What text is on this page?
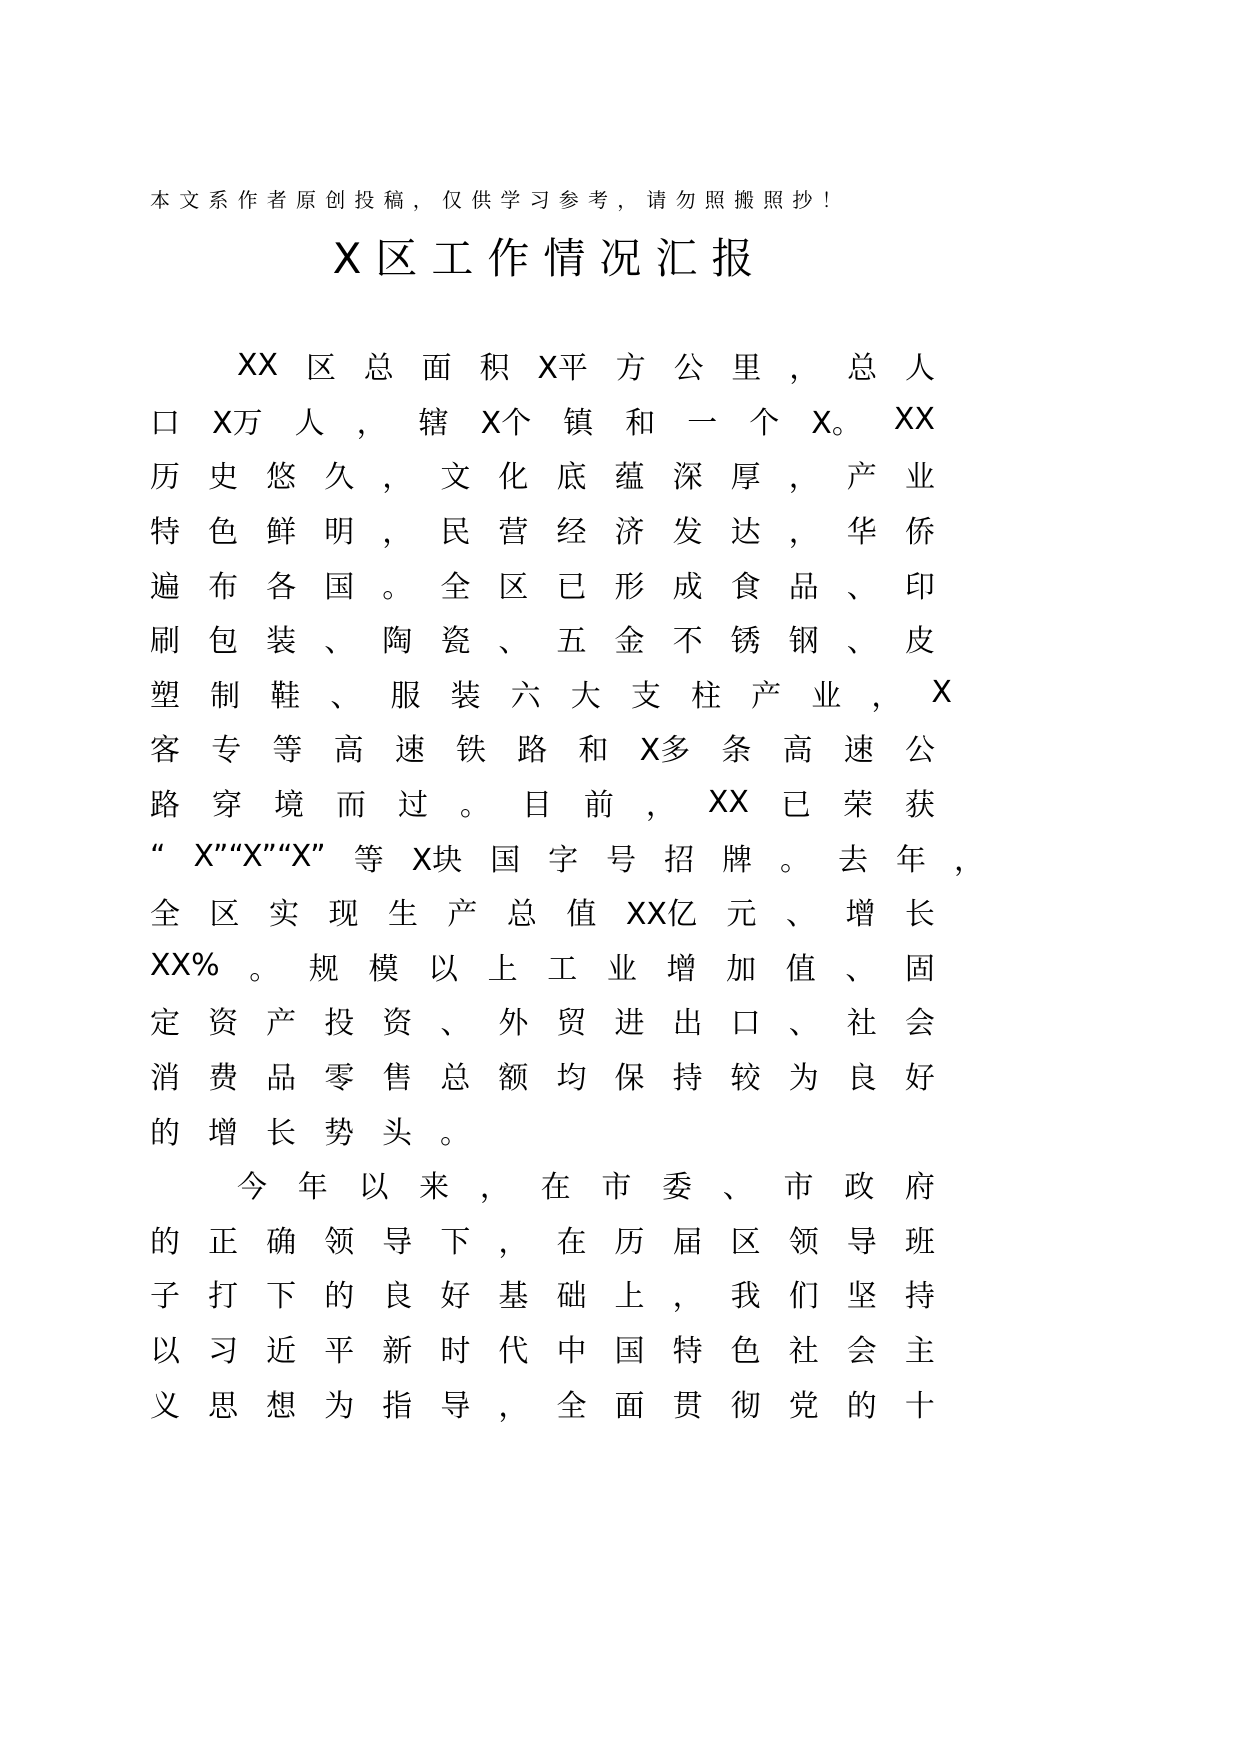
本文系作者原创投稿，仅供学习参考，请勿照搬照抄！
X区工作情况汇报
XX 区 总 面 积 X平 方 公 里 ， 总 人
口 X万 人 ， 辖 X个 镇 和 一 个 X。 XX
历 史 悠 久 ， 文 化 底 蕴 深 厚 ， 产 业
特 色 鲜 明 ， 民 营 经 济 发 达 ， 华 侨
遍 布 各 国 。 全 区 已 形 成 食 品 、 印
刷 包 装 、 陶 瓷 、 五 金 不 锈 钢 、 皮
塑 制 鞋 、 服 装 六 大 支 柱 产 业 ， X
客 专 等 高 速 铁 路 和 X多 条 高 速 公
路 穿 境 而 过 。 目 前 ， XX 已 荣 获
“ X”“X”“X” 等 X块 国 字 号 招 牌 。 去 年 ，
全 区 实 现 生 产 总 值 XX亿 元 、 增 长
XX% 。 规 模 以 上 工 业 增 加 值 、 固
定 资 产 投 资 、 外 贸 进 出 口 、 社 会
消 费 品 零 售 总 额 均 保 持 较 为 良 好
的 增 长 势 头 。
今 年 以 来 ， 在 市 委 、 市 政 府
的 正 确 领 导 下 ， 在 历 届 区 领 导 班
子 打 下 的 良 好 基 础 上 ， 我 们 坚 持
以 习 近 平 新 时 代 中 国 特 色 社 会 主
义 思 想 为 指 导 ， 全 面 贯 彻 党 的 十
